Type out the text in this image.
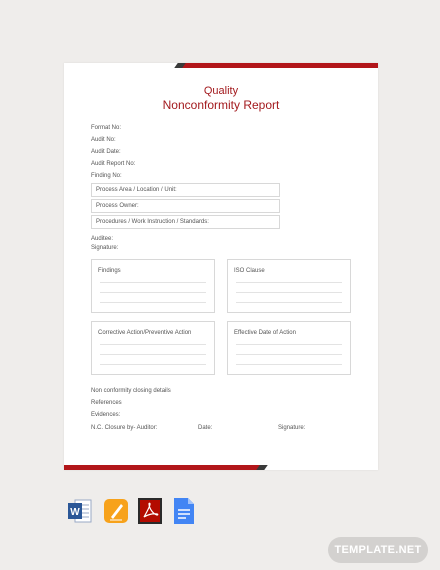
Quality
Nonconformity Report
Format No:
Audit No:
Audit Date:
Audit Report No:
Finding No:
Process Area / Location / Unit:
Process Owner:
Procedures / Work Instruction / Standards:
Auditee:
Signature:
Findings	ISO Clause
Corrective Action/Preventive Action	Effective Date of Action
Non conformity closing details
References
Evidences:
N.C. Closure by- Auditor:	Date:	Signature:
W
TEMPLATE.NET
